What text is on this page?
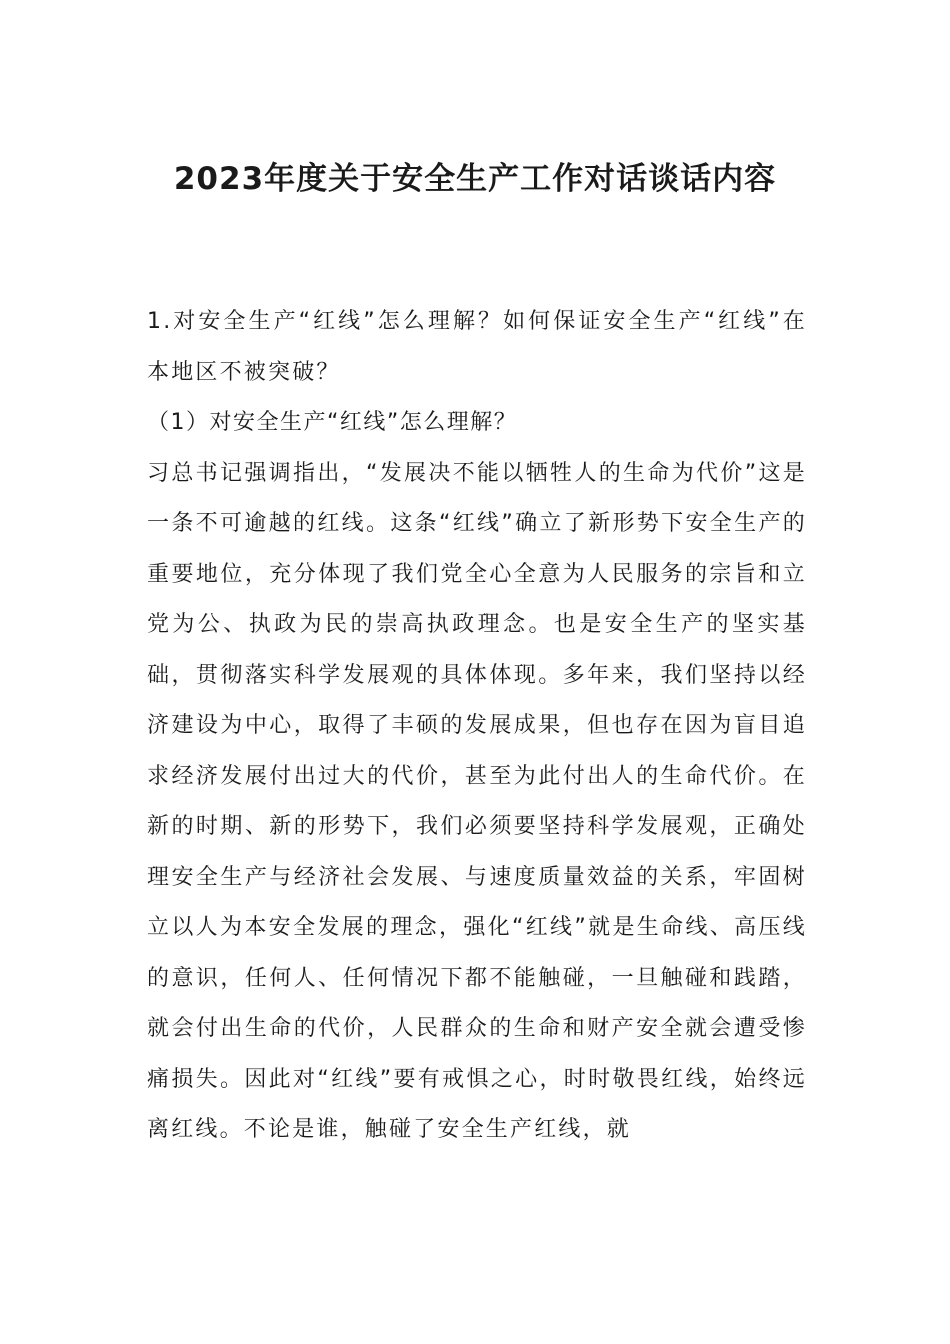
2023年度关于安全生产工作对话谈话内容

1.对安全生产“红线”怎么理解？如何保证安全生产“红线”在本地区不被突破？

（1）对安全生产“红线”怎么理解？

习总书记强调指出，“发展决不能以牺牲人的生命为代价”这是一条不可逾越的红线。这条“红线”确立了新形势下安全生产的重要地位，充分体现了我们党全心全意为人民服务的宗旨和立党为公、执政为民的崇高执政理念。也是安全生产的坚实基础，贯彻落实科学发展观的具体体现。多年来，我们坚持以经济建设为中心，取得了丰硕的发展成果，但也存在因为盲目追求经济发展付出过大的代价，甚至为此付出人的生命代价。在新的时期、新的形势下，我们必须要坚持科学发展观，正确处理安全生产与经济社会发展、与速度质量效益的关系，牢固树立以人为本安全发展的理念，强化“红线”就是生命线、高压线的意识，任何人、任何情况下都不能触碰，一旦触碰和践踏，就会付出生命的代价，人民群众的生命和财产安全就会遭受惨痛损失。因此对“红线”要有戒惧之心，时时敬畏红线，始终远离红线。不论是谁，触碰了安全生产红线，就
